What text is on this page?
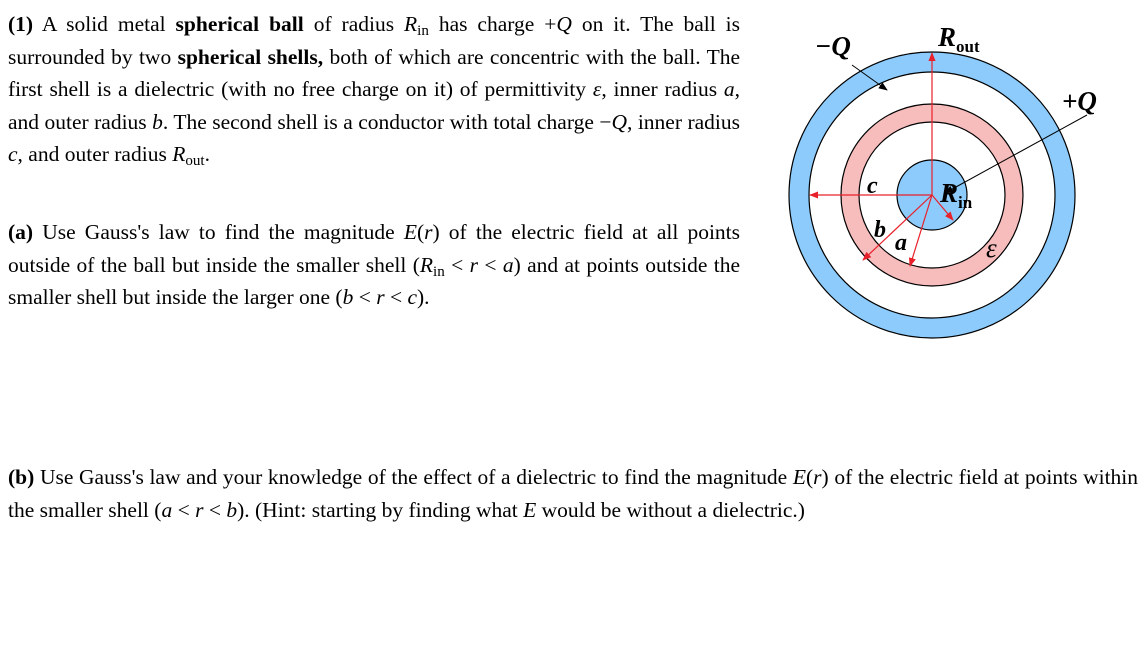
(1) A solid metal spherical ball of radius $R_{in}$ has charge +Q on it. The ball is surrounded by two spherical shells, both of which are concentric with the ball. The first shell is a dielectric (with no free charge on it) of permittivity ε, inner radius a, and outer radius b. The second shell is a conductor with total charge −Q, inner radius c, and outer radius $R_{out}$.

(a) Use Gauss's law to find the magnitude E(r) of the electric field at all points outside of the ball but inside the smaller shell $(R_{in} < r < a)$ and at points outside the smaller shell but inside the larger one (b < r < c).

(b) Use Gauss's law and your knowledge of the effect of a dielectric to find the magnitude E(r) of the electric field at points within the smaller shell (a < r < b). (Hint: starting by finding what E would be without a dielectric.)

−Q
+Q
$R_{out}$
$R_{in}$
c
b a	ε
